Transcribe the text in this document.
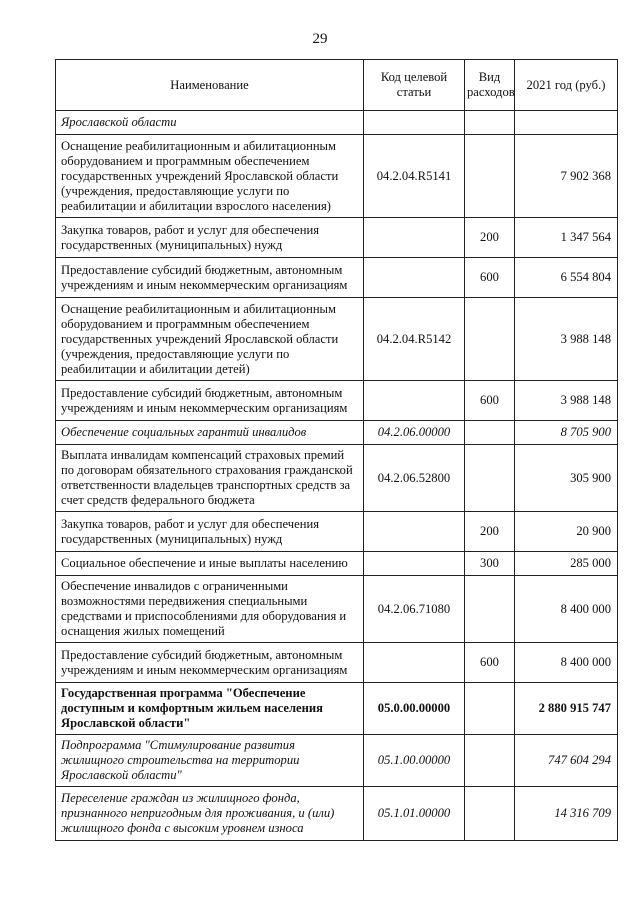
29
Наименование	Код целевой статьи	Вид расходов	2021 год (руб.)
Ярославской области			
Оснащение реабилитационным и абилитационным оборудованием и программным обеспечением государственных учреждений Ярославской области (учреждения, предоставляющие услуги по реабилитации и абилитации взрослого населения)	04.2.04.R5141		7 902 368
Закупка товаров, работ и услуг для обеспечения государственных (муниципальных) нужд		200	1 347 564
Предоставление субсидий бюджетным, автономным учреждениям и иным некоммерческим организациям		600	6 554 804
Оснащение реабилитационным и абилитационным оборудованием и программным обеспечением государственных учреждений Ярославской области (учреждения, предоставляющие услуги по реабилитации и абилитации детей)	04.2.04.R5142		3 988 148
Предоставление субсидий бюджетным, автономным учреждениям и иным некоммерческим организациям		600	3 988 148
Обеспечение социальных гарантий инвалидов	04.2.06.00000		8 705 900
Выплата инвалидам компенсаций страховых премий по договорам обязательного страхования гражданской ответственности владельцев транспортных средств за счет средств федерального бюджета	04.2.06.52800		305 900
Закупка товаров, работ и услуг для обеспечения государственных (муниципальных) нужд		200	20 900
Социальное обеспечение и иные выплаты населению		300	285 000
Обеспечение инвалидов с ограниченными возможностями передвижения специальными средствами и приспособлениями для оборудования и оснащения жилых помещений	04.2.06.71080		8 400 000
Предоставление субсидий бюджетным, автономным учреждениям и иным некоммерческим организациям		600	8 400 000
Государственная программа "Обеспечение доступным и комфортным жильем населения Ярославской области"	05.0.00.00000		2 880 915 747
Подпрограмма "Стимулирование развития жилищного строительства на территории Ярославской области"	05.1.00.00000		747 604 294
Переселение граждан из жилищного фонда, признанного непригодным для проживания, и (или) жилищного фонда с высоким уровнем износа	05.1.01.00000		14 316 709
